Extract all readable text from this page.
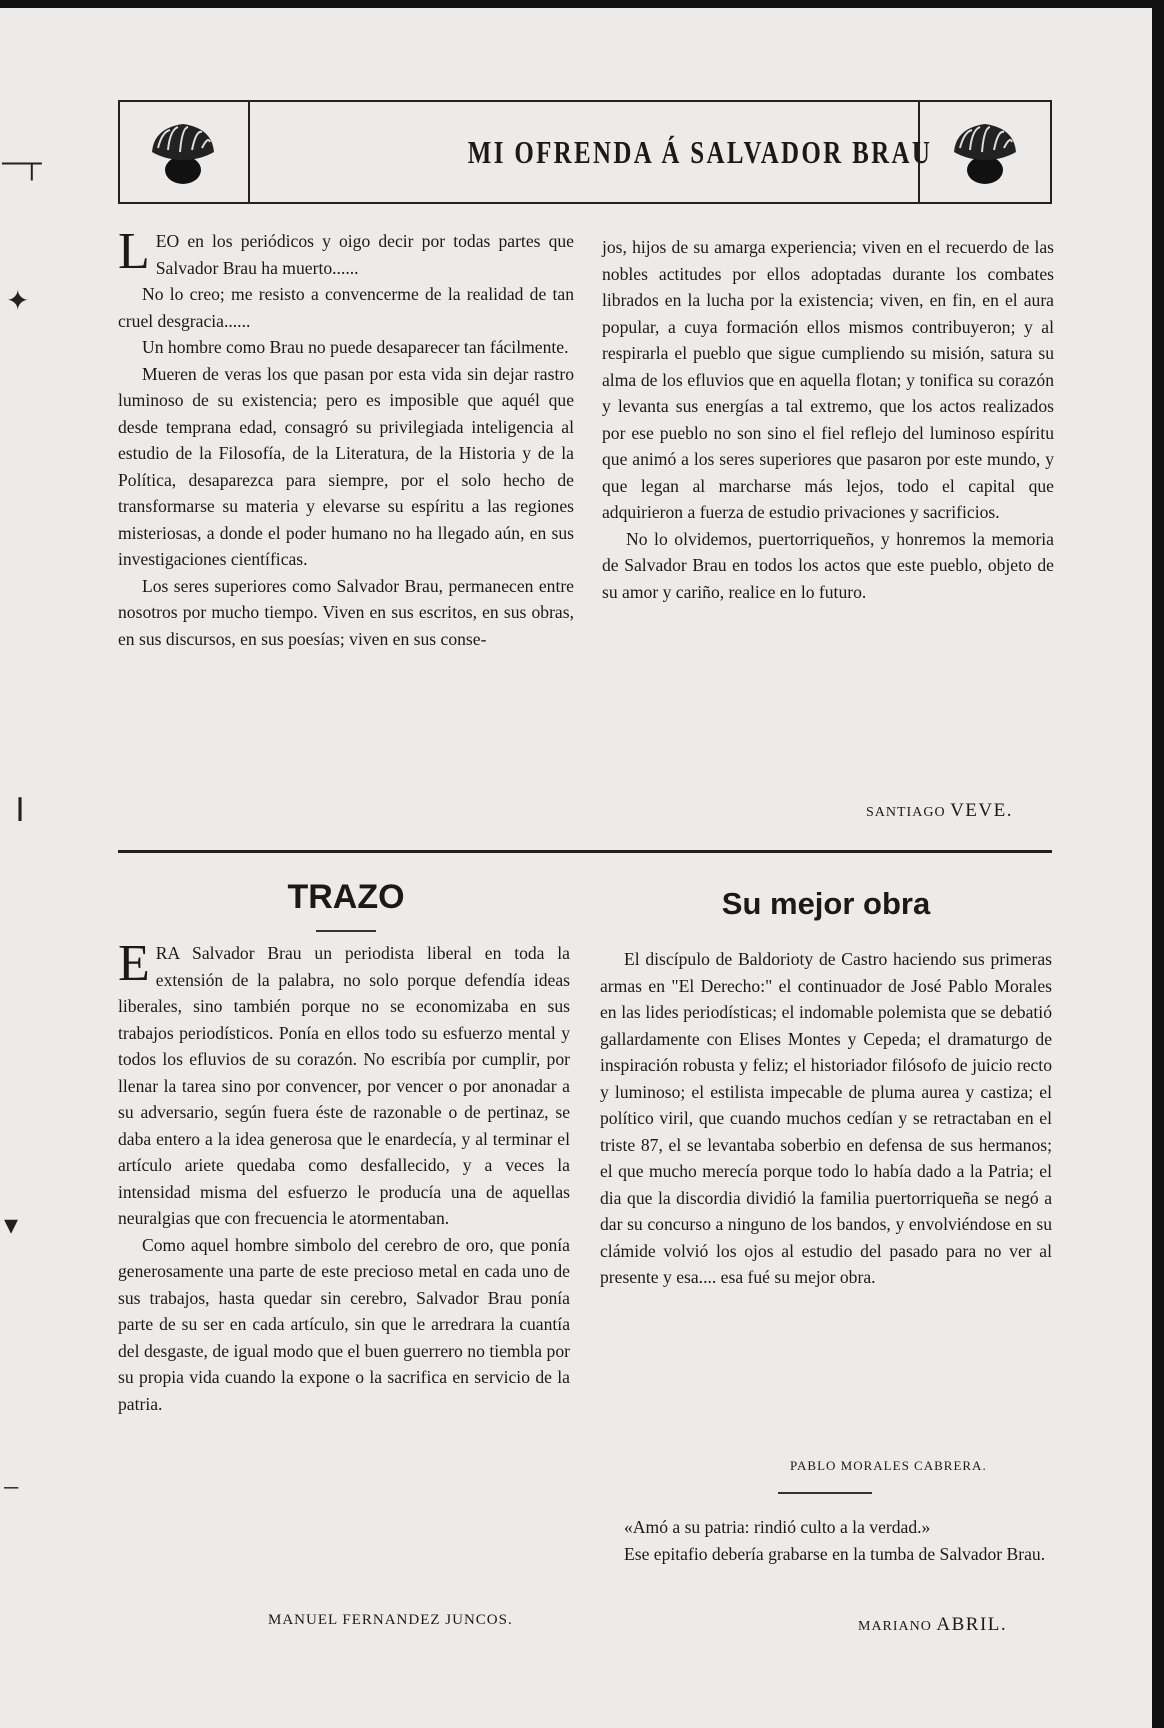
─┬
✦
┃
▾
─
MI OFRENDA Á SALVADOR BRAU

LEO en los periódicos y oigo decir por todas partes que Salvador Brau ha muerto......

No lo creo; me resisto a convencerme de la realidad de tan cruel desgracia......

Un hombre como Brau no puede desaparecer tan fácilmente.

Mueren de veras los que pasan por esta vida sin dejar rastro luminoso de su existencia; pero es imposible que aquél que desde temprana edad, consagró su privilegiada inteligencia al estudio de la Filosofía, de la Literatura, de la Historia y de la Política, desaparezca para siempre, por el solo hecho de transformarse su materia y elevarse su espíritu a las regiones misteriosas, a donde el poder humano no ha llegado aún, en sus investigaciones científicas.

Los seres superiores como Salvador Brau, permanecen entre nosotros por mucho tiempo. Viven en sus escritos, en sus obras, en sus discursos, en sus poesías; viven en sus conse-

jos, hijos de su amarga experiencia; viven en el recuerdo de las nobles actitudes por ellos adoptadas durante los combates librados en la lucha por la existencia; viven, en fin, en el aura popular, a cuya formación ellos mismos contribuyeron; y al respirarla el pueblo que sigue cumpliendo su misión, satura su alma de los efluvios que en aquella flotan; y tonifica su corazón y levanta sus energías a tal extremo, que los actos realizados por ese pueblo no son sino el fiel reflejo del luminoso espíritu que animó a los seres superiores que pasaron por este mundo, y que legan al marcharse más lejos, todo el capital que adquirieron a fuerza de estudio privaciones y sacrificios.

No lo olvidemos, puertorriqueños, y honremos la memoria de Salvador Brau en todos los actos que este pueblo, objeto de su amor y cariño, realice en lo futuro.

SANTIAGO VEVE.
TRAZO

ERA Salvador Brau un periodista liberal en toda la extensión de la palabra, no solo porque defendía ideas liberales, sino también porque no se economizaba en sus trabajos periodísticos. Ponía en ellos todo su esfuerzo mental y todos los efluvios de su corazón. No escribía por cumplir, por llenar la tarea sino por convencer, por vencer o por anonadar a su adversario, según fuera éste de razonable o de pertinaz, se daba entero a la idea generosa que le enardecía, y al terminar el artículo ariete quedaba como desfallecido, y a veces la intensidad misma del esfuerzo le producía una de aquellas neuralgias que con frecuencia le atormentaban.

Como aquel hombre simbolo del cerebro de oro, que ponía generosamente una parte de este precioso metal en cada uno de sus trabajos, hasta quedar sin cerebro, Salvador Brau ponía parte de su ser en cada artículo, sin que le arredrara la cuantía del desgaste, de igual modo que el buen guerrero no tiembla por su propia vida cuando la expone o la sacrifica en servicio de la patria.

MANUEL FERNANDEZ JUNCOS.
Su mejor obra

El discípulo de Baldorioty de Castro haciendo sus primeras armas en "El Derecho:" el continuador de José Pablo Morales en las lides periodísticas; el indomable polemista que se debatió gallardamente con Elises Montes y Cepeda; el dramaturgo de inspiración robusta y feliz; el historiador filósofo de juicio recto y luminoso; el estilista impecable de pluma aurea y castiza; el político viril, que cuando muchos cedían y se retractaban en el triste 87, el se levantaba soberbio en defensa de sus hermanos; el que mucho merecía porque todo lo había dado a la Patria; el dia que la discordia dividió la familia puertorriqueña se negó a dar su concurso a ninguno de los bandos, y envolviéndose en su clámide volvió los ojos al estudio del pasado para no ver al presente y esa.... esa fué su mejor obra.

PABLO MORALES CABRERA.
«Amó a su patria: rindió culto a la verdad.»
Ese epitafio debería grabarse en la tumba de Salvador Brau.
MARIANO ABRIL.
